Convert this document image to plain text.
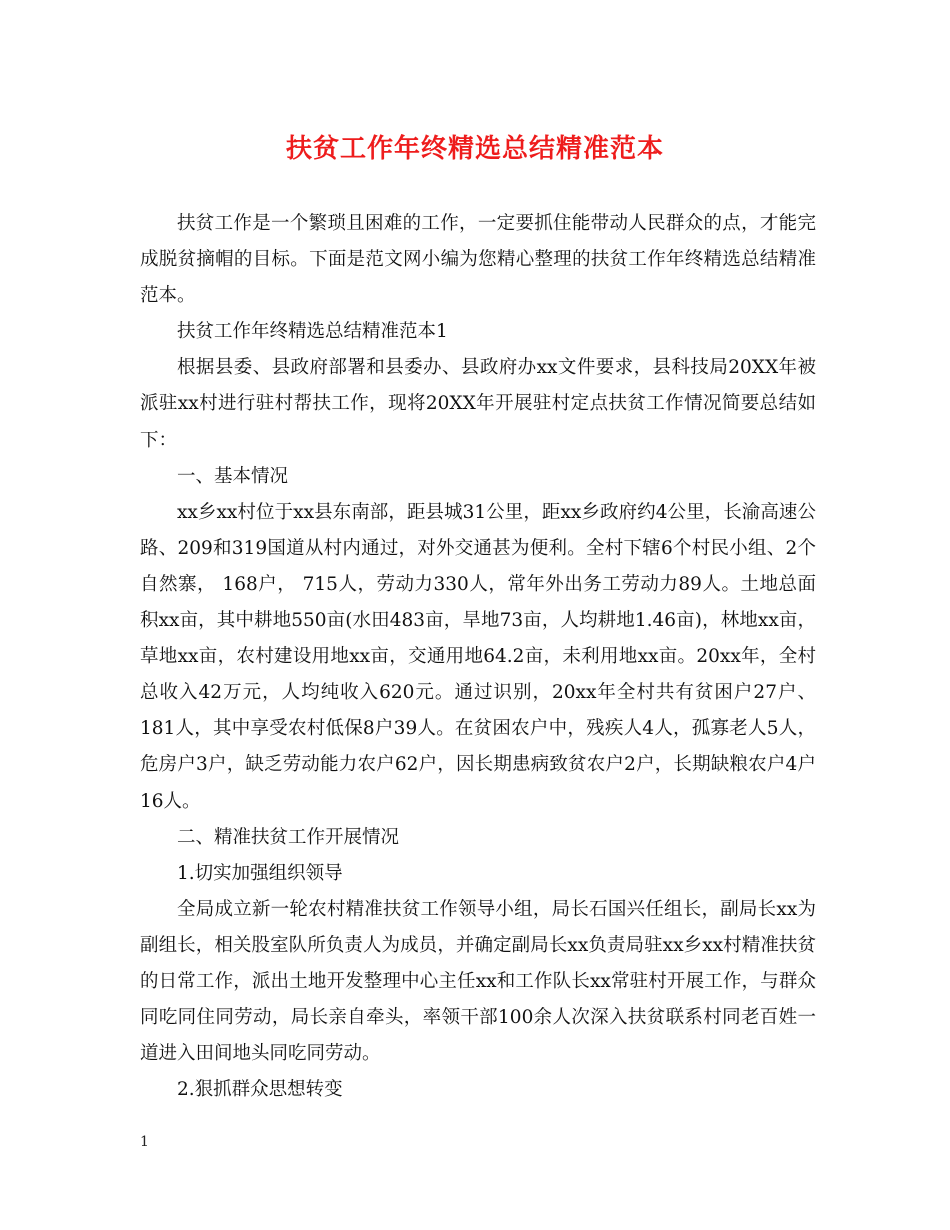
扶贫工作年终精选总结精准范本

扶贫工作是一个繁琐且困难的工作，一定要抓住能带动人民群众的点，才能完成脱贫摘帽的目标。下面是范文网小编为您精心整理的扶贫工作年终精选总结精准范本。

扶贫工作年终精选总结精准范本1

根据县委、县政府部署和县委办、县政府办xx文件要求，县科技局20XX年被派驻xx村进行驻村帮扶工作，现将20XX年开展驻村定点扶贫工作情况简要总结如下：

一、基本情况

xx乡xx村位于xx县东南部，距县城31公里，距xx乡政府约4公里，长渝高速公路、209和319国道从村内通过，对外交通甚为便利。全村下辖6个村民小组、2个自然寨， 168户， 715人，劳动力330人，常年外出务工劳动力89人。土地总面积xx亩，其中耕地550亩(水田483亩，旱地73亩，人均耕地1.46亩)，林地xx亩，草地xx亩，农村建设用地xx亩，交通用地64.2亩，未利用地xx亩。20xx年，全村总收入42万元，人均纯收入620元。通过识别，20xx年全村共有贫困户27户、181人，其中享受农村低保8户39人。在贫困农户中，残疾人4人，孤寡老人5人，危房户3户，缺乏劳动能力农户62户，因长期患病致贫农户2户，长期缺粮农户4户16人。

二、精准扶贫工作开展情况

1.切实加强组织领导

全局成立新一轮农村精准扶贫工作领导小组，局长石国兴任组长，副局长xx为副组长，相关股室队所负责人为成员，并确定副局长xx负责局驻xx乡xx村精准扶贫的日常工作，派出土地开发整理中心主任xx和工作队长xx常驻村开展工作，与群众同吃同住同劳动，局长亲自牵头，率领干部100余人次深入扶贫联系村同老百姓一道进入田间地头同吃同劳动。

2.狠抓群众思想转变

1
